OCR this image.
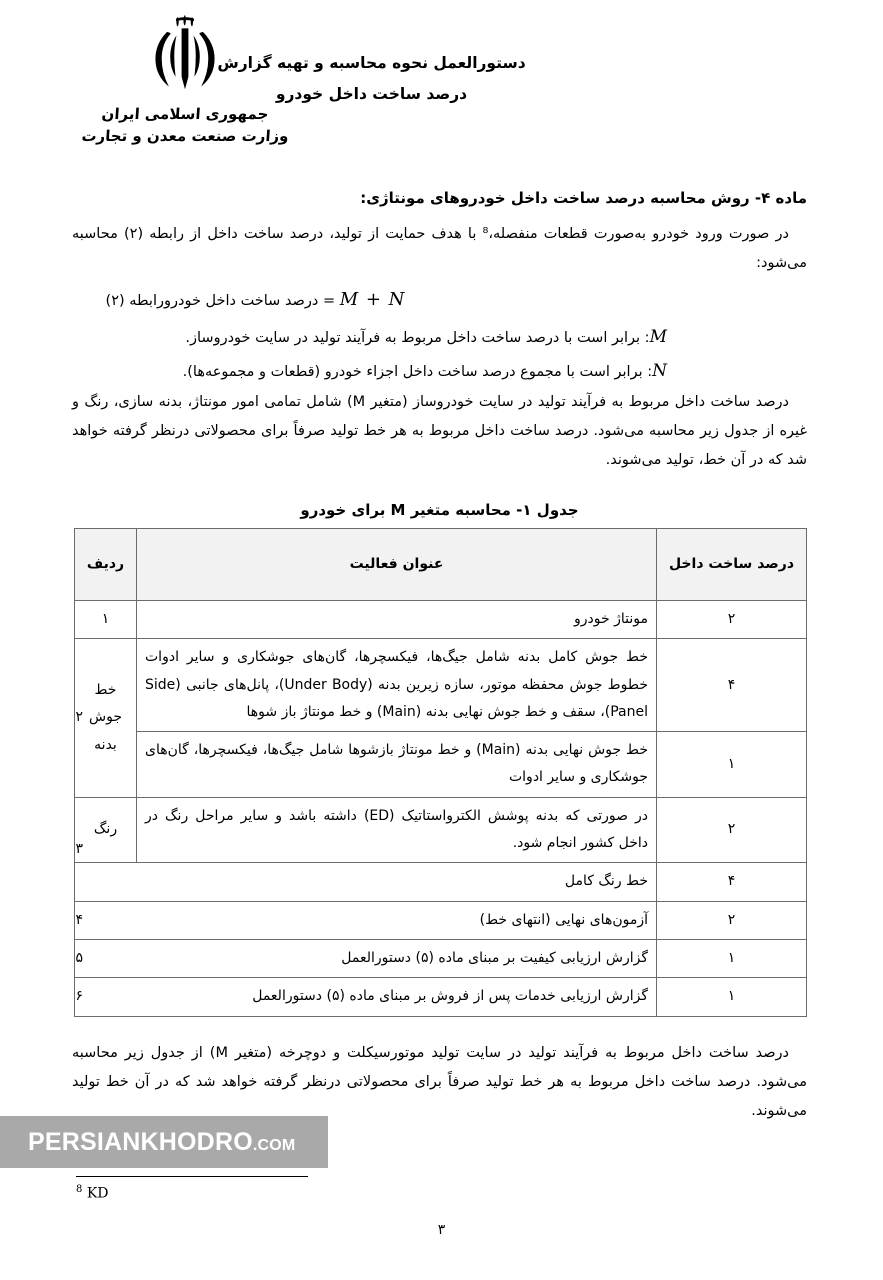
جمهوری اسلامی ایران
وزارت صنعت معدن و تجارت
دستورالعمل نحوه محاسبه و تهیه گزارش
درصد ساخت داخل خودرو
ماده ۴- روش محاسبه درصد ساخت داخل خودروهای مونتاژی:

در صورت ورود خودرو به‌صورت قطعات منفصله،⁸ با هدف حمایت از تولید، درصد ساخت داخل از رابطه (۲) محاسبه می‌شود:

رابطه (۲) درصد ساخت داخل خودرو = M + N

M: برابر است با درصد ساخت داخل مربوط به فرآیند تولید در سایت خودروساز.

N: برابر است با مجموع درصد ساخت داخل اجزاء خودرو (قطعات و مجموعه‌ها).

درصد ساخت داخل مربوط به فرآیند تولید در سایت خودروساز (متغیر M) شامل تمامی امور مونتاژ، بدنه سازی، رنگ و غیره از جدول زیر محاسبه می‌شود. درصد ساخت داخل مربوط به هر خط تولید صرفاً برای محصولاتی درنظر گرفته خواهد شد که در آن خط، تولید می‌شوند.

جدول ۱- محاسبه متغیر M برای خودرو
درصد ساخت داخل	عنوان فعالیت	ردیف	
۲	مونتاژ خودرو	۱	
۴	خط جوش کامل بدنه شامل جیگ‌ها، فیکسچرها، گان‌های جوشکاری و سایر ادوات خطوط جوش محفظه موتور، سازه زیرین بدنه (Under Body)، پانل‌های جانبی (Side Panel)، سقف و خط جوش نهایی بدنه (Main) و خط مونتاژ باز شوها	خط جوش بدنه	۲
۱	خط جوش نهایی بدنه (Main) و خط مونتاژ بازشوها شامل جیگ‌ها، فیکسچرها، گان‌های جوشکاری و سایر ادوات		
۲	در صورتی که بدنه پوشش الکترواستاتیک (ED) داشته باشد و سایر مراحل رنگ در داخل کشور انجام شود.	رنگ	۳
۴	خط رنگ کامل		
۲	آزمون‌های نهایی (انتهای خط)		۴
۱	گزارش ارزیابی کیفیت بر مبنای ماده (۵) دستورالعمل		۵
۱	گزارش ارزیابی خدمات پس از فروش بر مبنای ماده (۵) دستورالعمل		۶

درصد ساخت داخل مربوط به فرآیند تولید در سایت تولید موتورسیکلت و دوچرخه (متغیر M) از جدول زیر محاسبه می‌شود. درصد ساخت داخل مربوط به هر خط تولید صرفاً برای محصولاتی درنظر گرفته خواهد شد که در آن خط تولید می‌شوند.

PERSIANKHODRO.COM
$^8$ KD
۳
